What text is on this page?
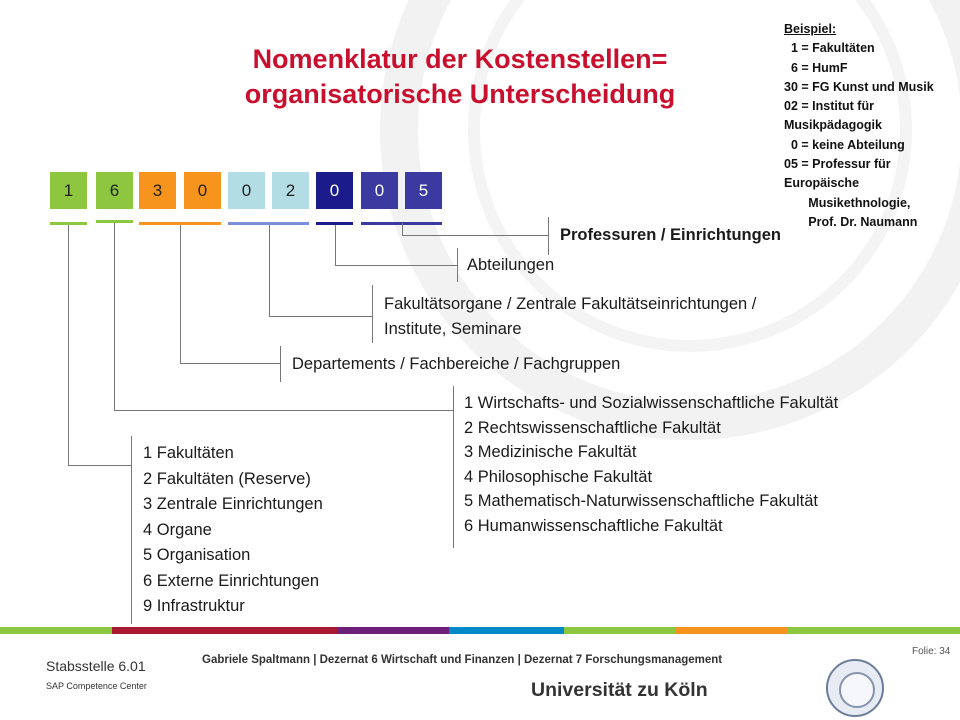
Nomenklatur der Kostenstellen=
organisatorische Unterscheidung
Beispiel:
1 = Fakultäten
6 = HumF
30 = FG Kunst und Musik
02 = Institut für
Musikpädagogik
0 = keine Abteilung
05 = Professur für
Europäische
Musikethnologie,
Prof. Dr. Naumann
1	6	3	0	0	2	0	0	5
Professuren / Einrichtungen
Abteilungen
Fakultätsorgane / Zentrale Fakultätseinrichtungen /
Institute, Seminare
Departements / Fachbereiche / Fachgruppen
1 Wirtschafts- und Sozialwissenschaftliche Fakultät
2 Rechtswissenschaftliche Fakultät
3 Medizinische Fakultät
4 Philosophische Fakultät
5 Mathematisch-Naturwissenschaftliche Fakultät
6 Humanwissenschaftliche Fakultät
1 Fakultäten
2 Fakultäten (Reserve)
3 Zentrale Einrichtungen
4 Organe
5 Organisation
6 Externe Einrichtungen
9 Infrastruktur
Stabsstelle 6.01
SAP Competence Center
Gabriele Spaltmann | Dezernat 6 Wirtschaft und Finanzen | Dezernat 7 Forschungsmanagement
Folie: 34
Universität zu Köln
